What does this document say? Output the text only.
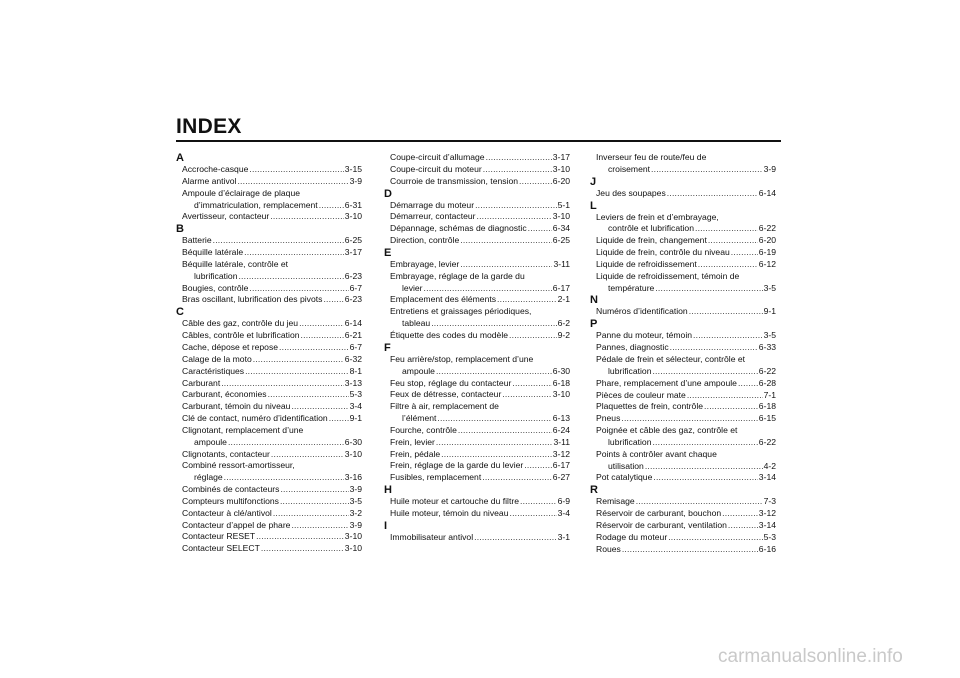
INDEX
A
Accroche-casque .....	3-15
Alarme antivol .....	3-9
Ampoule d’éclairage de plaque
d’immatriculation, remplacement .....	6-31
Avertisseur, contacteur .....	3-10
B
Batterie .....	6-25
Béquille latérale .....	3-17
Béquille latérale, contrôle et
lubrification .....	6-23
Bougies, contrôle .....	6-7
Bras oscillant, lubrification des pivots .....	6-23
C
Câble des gaz, contrôle du jeu .....	6-14
Câbles, contrôle et lubrification .....	6-21
Cache, dépose et repose .....	6-7
Calage de la moto .....	6-32
Caractéristiques .....	8-1
Carburant .....	3-13
Carburant, économies .....	5-3
Carburant, témoin du niveau .....	3-4
Clé de contact, numéro d’identification .....	9-1
Clignotant, remplacement d’une
ampoule .....	6-30
Clignotants, contacteur .....	3-10
Combiné ressort-amortisseur,
réglage .....	3-16
Combinés de contacteurs .....	3-9
Compteurs multifonctions .....	3-5
Contacteur à clé/antivol .....	3-2
Contacteur d’appel de phare .....	3-9
Contacteur RESET .....	3-10
Contacteur SELECT .....	3-10
Coupe-circuit d’allumage .....	3-17
Coupe-circuit du moteur .....	3-10
Courroie de transmission, tension .....	6-20
D
Démarrage du moteur .....	5-1
Démarreur, contacteur .....	3-10
Dépannage, schémas de diagnostic .....	6-34
Direction, contrôle .....	6-25
E
Embrayage, levier .....	3-11
Embrayage, réglage de la garde du
levier .....	6-17
Emplacement des éléments .....	2-1
Entretiens et graissages périodiques,
tableau .....	6-2
Étiquette des codes du modèle .....	9-2
F
Feu arrière/stop, remplacement d’une
ampoule .....	6-30
Feu stop, réglage du contacteur .....	6-18
Feux de détresse, contacteur .....	3-10
Filtre à air, remplacement de
l’élément .....	6-13
Fourche, contrôle .....	6-24
Frein, levier .....	3-11
Frein, pédale .....	3-12
Frein, réglage de la garde du levier .....	6-17
Fusibles, remplacement .....	6-27
H
Huile moteur et cartouche du filtre .....	6-9
Huile moteur, témoin du niveau .....	3-4
I
Immobilisateur antivol .....	3-1
Inverseur feu de route/feu de
croisement .....	3-9
J
Jeu des soupapes .....	6-14
L
Leviers de frein et d’embrayage,
contrôle et lubrification .....	6-22
Liquide de frein, changement .....	6-20
Liquide de frein, contrôle du niveau .....	6-19
Liquide de refroidissement .....	6-12
Liquide de refroidissement, témoin de
température .....	3-5
N
Numéros d’identification .....	9-1
P
Panne du moteur, témoin .....	3-5
Pannes, diagnostic .....	6-33
Pédale de frein et sélecteur, contrôle et
lubrification .....	6-22
Phare, remplacement d’une ampoule .....	6-28
Pièces de couleur mate .....	7-1
Plaquettes de frein, contrôle .....	6-18
Pneus .....	6-15
Poignée et câble des gaz, contrôle et
lubrification .....	6-22
Points à contrôler avant chaque
utilisation .....	4-2
Pot catalytique .....	3-14
R
Remisage .....	7-3
Réservoir de carburant, bouchon .....	3-12
Réservoir de carburant, ventilation .....	3-14
Rodage du moteur .....	5-3
Roues .....	6-16
carmanualsonline.info
